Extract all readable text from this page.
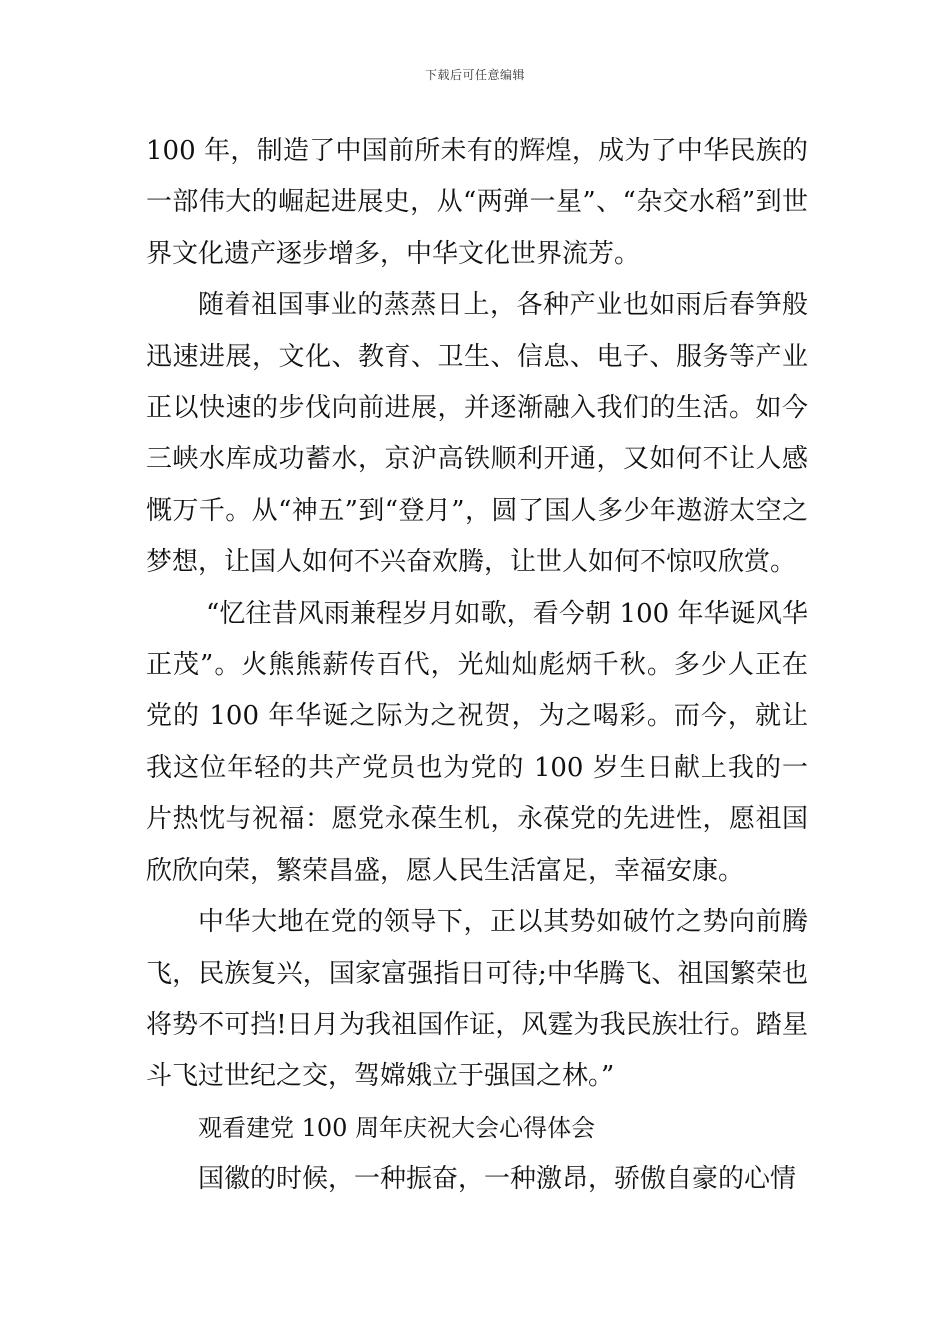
下载后可任意编辑

100 年，制造了中国前所未有的辉煌，成为了中华民族的一部伟大的崛起进展史，从“两弹一星”、“杂交水稻”到世界文化遗产逐步增多，中华文化世界流芳。

随着祖国事业的蒸蒸日上，各种产业也如雨后春笋般迅速进展，文化、教育、卫生、信息、电子、服务等产业正以快速的步伐向前进展，并逐渐融入我们的生活。如今三峡水库成功蓄水，京沪高铁顺利开通，又如何不让人感慨万千。从“神五”到“登月”，圆了国人多少年遨游太空之梦想，让国人如何不兴奋欢腾，让世人如何不惊叹欣赏。

“忆往昔风雨兼程岁月如歌，看今朝 100 年华诞风华正茂”。火熊熊薪传百代，光灿灿彪炳千秋。多少人正在党的 100 年华诞之际为之祝贺，为之喝彩。而今，就让我这位年轻的共产党员也为党的 100 岁生日献上我的一片热忱与祝福：愿党永葆生机，永葆党的先进性，愿祖国欣欣向荣，繁荣昌盛，愿人民生活富足，幸福安康。

中华大地在党的领导下，正以其势如破竹之势向前腾飞，民族复兴，国家富强指日可待;中华腾飞、祖国繁荣也将势不可挡!日月为我祖国作证，风霆为我民族壮行。踏星斗飞过世纪之交，驾嫦娥立于强国之林。”

观看建党 100 周年庆祝大会心得体会

国徽的时候，一种振奋，一种激昂，骄傲自豪的心情
